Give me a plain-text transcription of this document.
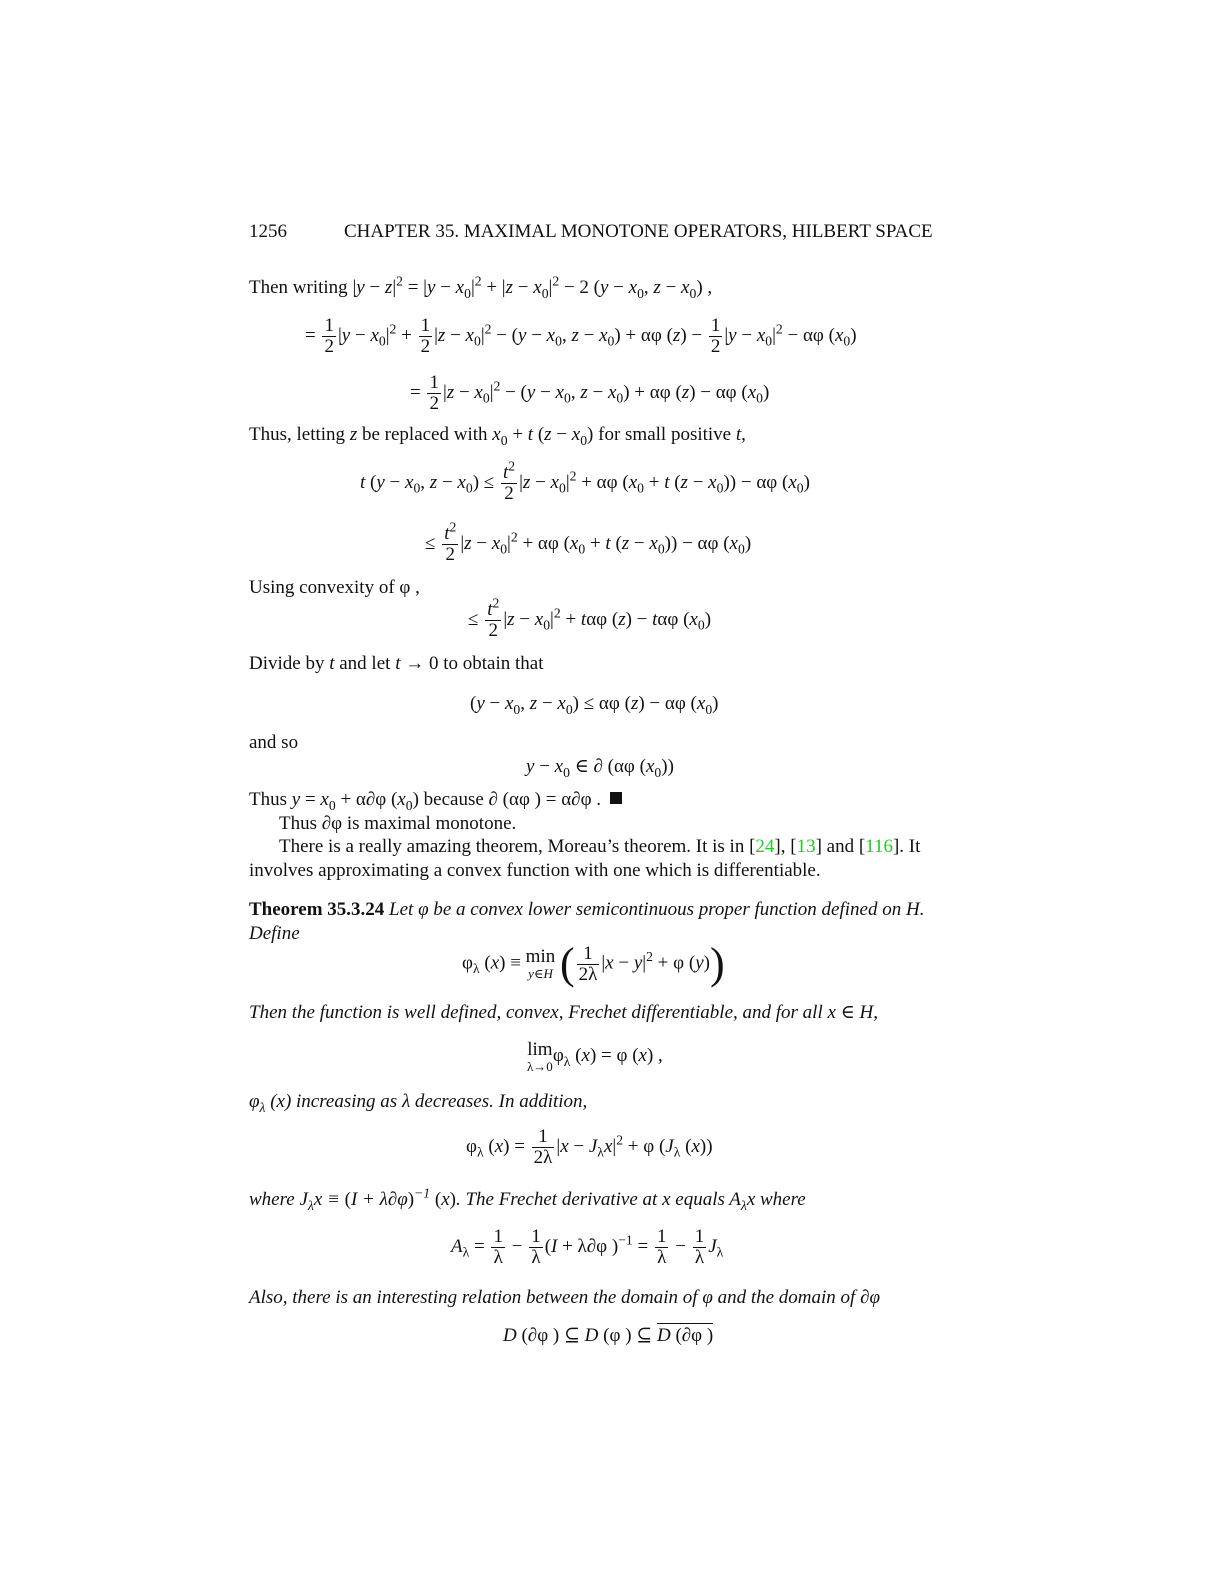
1256	CHAPTER 35. MAXIMAL MONOTONE OPERATORS, HILBERT SPACE
Then writing $|y - z|^2 = |y - x_0|^2 + |z - x_0|^2 - 2$ ($y - x_0$, $z - x_0$) ,
= $\frac{1}{2} |y - x_0|^2 + \frac{1}{2} |z - x_0|^2 - (y - x_0$, $z - x_0) + \alpha\varphi$ $(z) - \frac{1}{2} |y - x_0|^2 - \alpha\varphi$ $(x_0)$
= $\frac{1}{2} |z - x_0|^2 - (y - x_0$, $z - x_0) + \alpha\varphi$ (z) − αφ $(x_0)$
Thus, letting z be replaced with $x_0 + t$ $(z - x_0)$ for small positive t,
t ($y - x_0$, $z - x_0) \le \frac{t^2}{2} |z - x_0|^2 + \alpha\varphi$ ($x_0 + t$ $(z - x_0)) - \alpha\varphi$ $(x_0)$
≤ $\frac{t^2}{2} |z - x_0|^2 + \alpha\varphi$ ($x_0 + t$ $(z - x_0)) - \alpha\varphi$ $(x_0)$
Using convexity of φ ,
≤ $\frac{t^2}{2} |z - x_0|^2 + t\alpha\varphi$ (z) − tαφ $(x_0)$
Divide by t and let t → 0 to obtain that
($y - x_0$, $z - x_0) \le \alpha\varphi$ (z) − αφ $(x_0)$
and so
$y - x_0$ ∈ ∂ (αφ $(x_0)$)
Thus $y = x_0 + \alpha\partial\varphi$ $(x_0)$ because ∂ (αφ ) = α∂φ .
Thus ∂φ is maximal monotone.
There is a really amazing theorem, Moreau’s theorem. It is in [24], [13] and [116]. It
involves approximating a convex function with one which is differentiable.
Theorem 35.3.24 Let φ be a convex lower semicontinuous proper function defined on H.
Define
$\varphi_\lambda$ (x) ≡ min
y∈H ( $\frac{1}{2\lambda} |x - y|^2 + \varphi$ (y))
Then the function is well defined, convex, Frechet differentiable, and for all x ∈ H,
lim
λ→0
$\varphi_\lambda$ (x) = φ (x) ,
$\varphi_\lambda$ (x) increasing as λ decreases. In addition,
$\varphi_\lambda$ $(x) = \frac{1}{2\lambda} |x - J_\lambda x|^2 + \varphi$ ($J_\lambda$ (x))
where $J_\lambda x \equiv (I + \lambda\partial\varphi)^{-1}$ (x). The Frechet derivative at x equals $A_\lambda x$ where
$A_\lambda = \frac{1}{\lambda} - \frac{1}{\lambda} (I + \lambda\partial\varphi$ )$^{-1} = \frac{1}{\lambda} - \frac{1}{\lambda} J_\lambda$
Also, there is an interesting relation between the domain of φ and the domain of ∂φ
D (∂φ ) ⊆ D (φ ) ⊆ D (∂φ )
